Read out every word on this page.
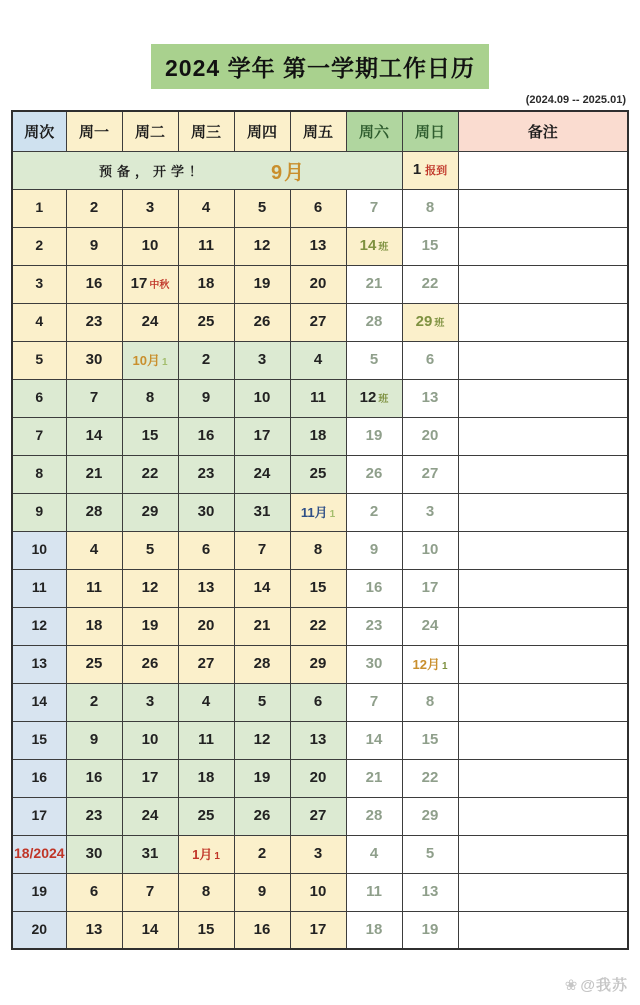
2024 学年 第一学期工作日历
(2024.09 -- 2025.01)
周次	周一	周二	周三	周四	周五	周六	周日	备注

预备，开学！ 9月							1 报到	
1	2	3	4	5	6	7	8	
2	9	10	11	12	13	14 班	15	
3	16	17 中秋	18	19	20	21	22	
4	23	24	25	26	27	28	29 班	
5	30	10月 1	2	3	4	5	6	
6	7	8	9	10	11	12 班	13	
7	14	15	16	17	18	19	20	
8	21	22	23	24	25	26	27	
9	28	29	30	31	11月 1	2	3	
10	4	5	6	7	8	9	10	
11	11	12	13	14	15	16	17	
12	18	19	20	21	22	23	24	
13	25	26	27	28	29	30	12月 1	
14	2	3	4	5	6	7	8	
15	9	10	11	12	13	14	15	
16	16	17	18	19	20	21	22	
17	23	24	25	26	27	28	29	
18/2024	30	31	1月 1	2	3	4	5	
19	6	7	8	9	10	11	13	
20	13	14	15	16	17	18	19	
❀ @我苏
